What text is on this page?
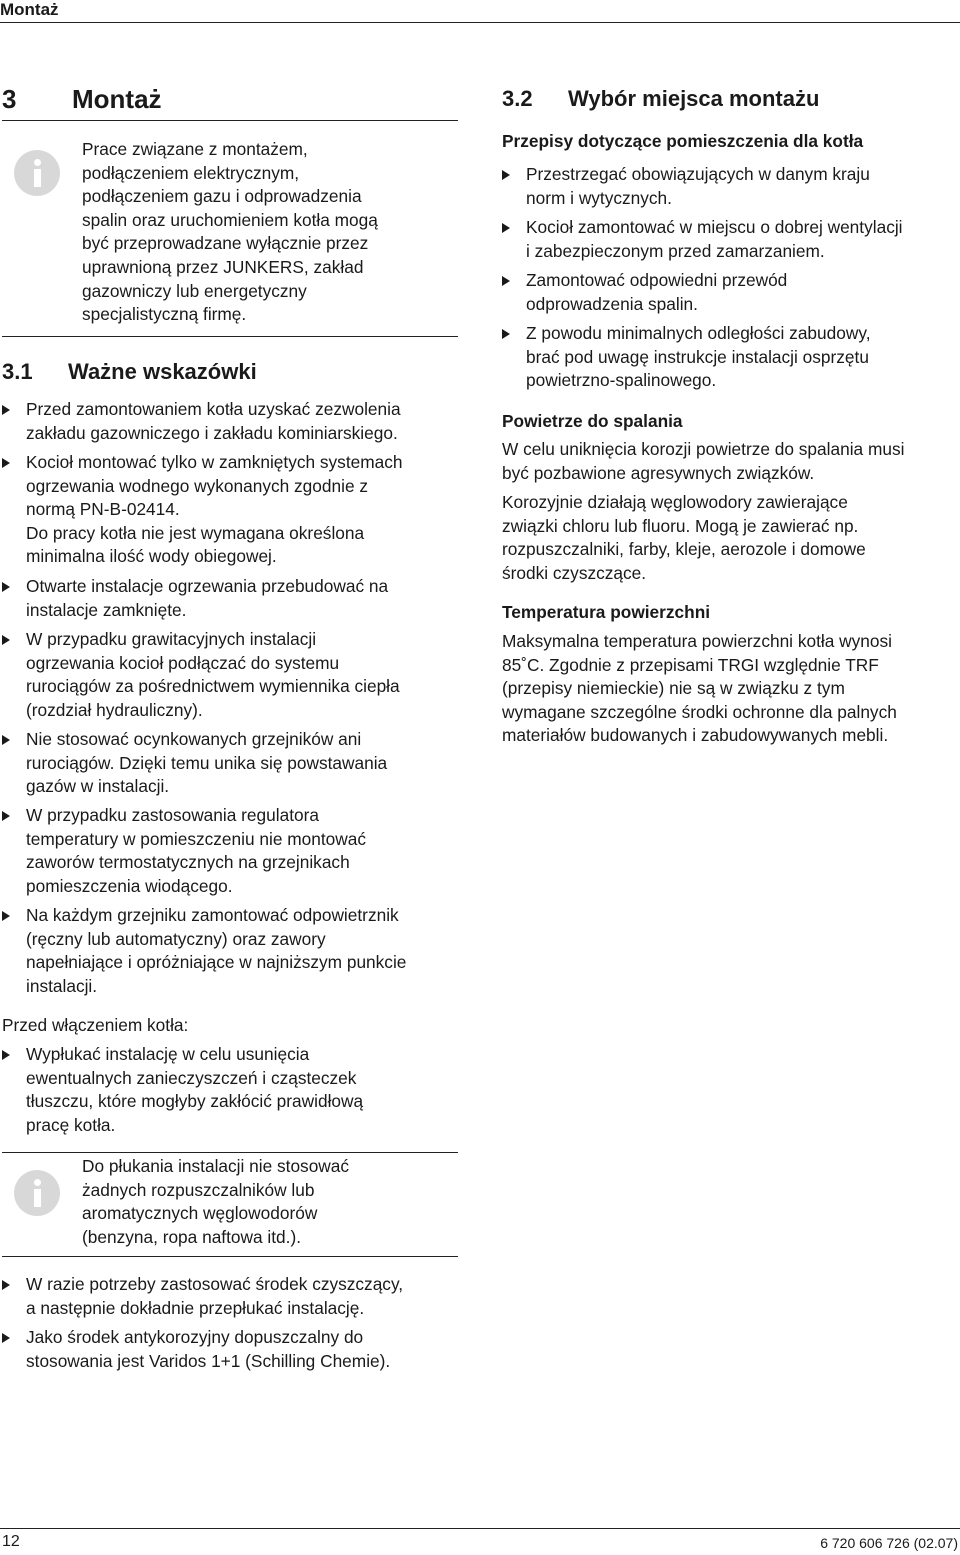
Montaż
3 Montaż
Prace związane z montażem,
podłączeniem elektrycznym,
podłączeniem gazu i odprowadzenia
spalin oraz uruchomieniem kotła mogą
być przeprowadzane wyłącznie przez
uprawnioną przez JUNKERS, zakład
gazowniczy lub energetyczny
specjalistyczną firmę.
3.1 Ważne wskazówki
Przed zamontowaniem kotła uzyskać zezwolenia
zakładu gazowniczego i zakładu kominiarskiego.
Kocioł montować tylko w zamkniętych systemach
ogrzewania wodnego wykonanych zgodnie z
normą PN-B-02414.
Do pracy kotła nie jest wymagana określona
minimalna ilość wody obiegowej.
Otwarte instalacje ogrzewania przebudować na
instalacje zamknięte.
W przypadku grawitacyjnych instalacji
ogrzewania kocioł podłączać do systemu
rurociągów za pośrednictwem wymiennika ciepła
(rozdział hydrauliczny).
Nie stosować ocynkowanych grzejników ani
rurociągów. Dzięki temu unika się powstawania
gazów w instalacji.
W przypadku zastosowania regulatora
temperatury w pomieszczeniu nie montować
zaworów termostatycznych na grzejnikach
pomieszczenia wiodącego.
Na każdym grzejniku zamontować odpowietrznik
(ręczny lub automatyczny) oraz zawory
napełniające i opróżniające w najniższym punkcie
instalacji.
Przed włączeniem kotła:
Wypłukać instalację w celu usunięcia
ewentualnych zanieczyszczeń i cząsteczek
tłuszczu, które mogłyby zakłócić prawidłową
pracę kotła.
Do płukania instalacji nie stosować
żadnych rozpuszczalników lub
aromatycznych węglowodorów
(benzyna, ropa naftowa itd.).
W razie potrzeby zastosować środek czyszczący,
a następnie dokładnie przepłukać instalację.
Jako środek antykorozyjny dopuszczalny do
stosowania jest Varidos 1+1 (Schilling Chemie).
3.2 Wybór miejsca montażu
Przepisy dotyczące pomieszczenia dla kotła
Przestrzegać obowiązujących w danym kraju
norm i wytycznych.
Kocioł zamontować w miejscu o dobrej wentylacji
i zabezpieczonym przed zamarzaniem.
Zamontować odpowiedni przewód
odprowadzenia spalin.
Z powodu minimalnych odległości zabudowy,
brać pod uwagę instrukcje instalacji osprzętu
powietrzno-spalinowego.
Powietrze do spalania
W celu uniknięcia korozji powietrze do spalania musi
być pozbawione agresywnych związków.
Korozyjnie działają węglowodory zawierające
związki chloru lub fluoru. Mogą je zawierać np.
rozpuszczalniki, farby, kleje, aerozole i domowe
środki czyszczące.
Temperatura powierzchni
Maksymalna temperatura powierzchni kotła wynosi
85˚C. Zgodnie z przepisami TRGI względnie TRF
(przepisy niemieckie) nie są w związku z tym
wymagane szczególne środki ochronne dla palnych
materiałów budowanych i zabudowywanych mebli.
12	6 720 606 726 (02.07)
